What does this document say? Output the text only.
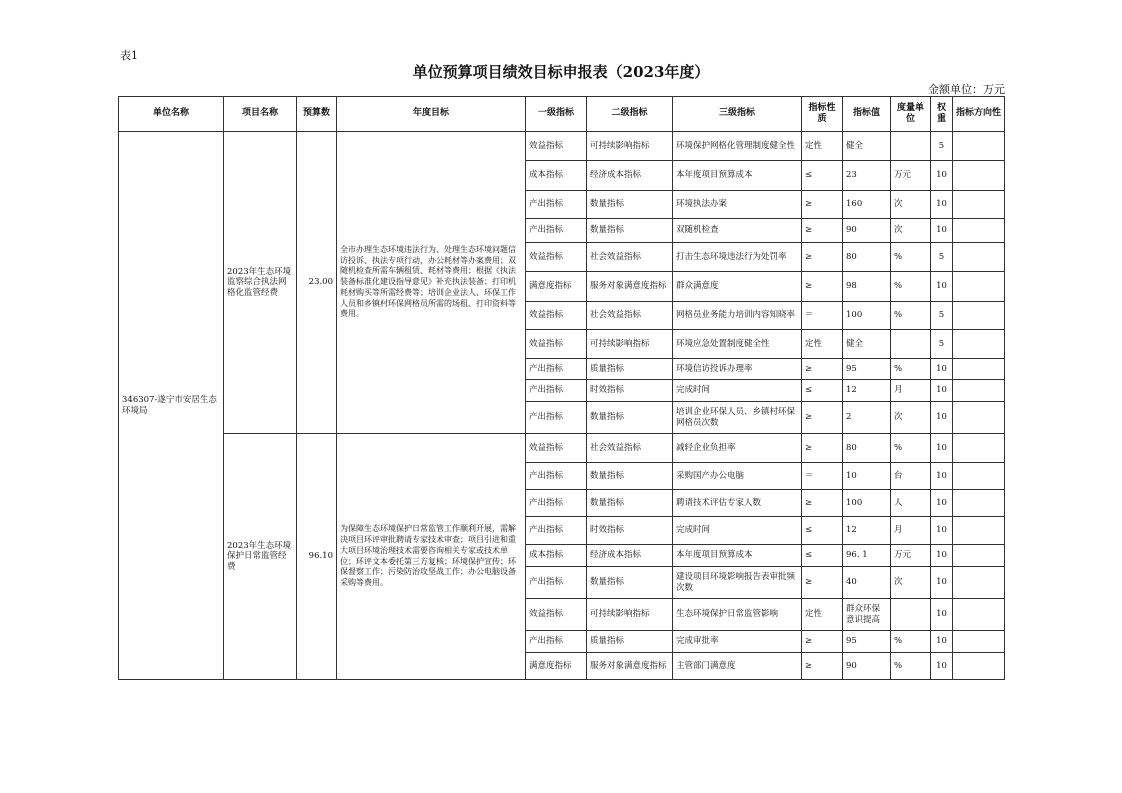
表1
单位预算项目绩效目标申报表（2023年度）
金额单位：万元
单位名称	项目名称	预算数	年度目标	一级指标	二级指标	三级指标	指标性质	指标值	度量单位	权重	指标方向性
346307-遂宁市安居生态环境局	2023年生态环境监察综合执法网格化监管经费	23.00	全市办理生态环境违法行为、处理生态环境问题信访投诉、执法专项行动，办公耗材等办案费用；双随机检查所需车辆租赁、耗材等费用；根据《执法装备标准化建设指导意见》补充执法装备；打印机耗材购买等所需经费等；培训企业法人、环保工作人员和乡镇村环保网格员所需的场租、打印资料等费用。	效益指标	可持续影响指标	环境保护网格化管理制度健全性	定性	健全		5	
				成本指标	经济成本指标	本年度项目预算成本	≤	23	万元	10	
				产出指标	数量指标	环境执法办案	≥	160	次	10	
				产出指标	数量指标	双随机检查	≥	90	次	10	
				效益指标	社会效益指标	打击生态环境违法行为处罚率	≥	80	%	5	
				满意度指标	服务对象满意度指标	群众满意度	≥	98	%	10	
				效益指标	社会效益指标	网格员业务能力培训内容知晓率	＝	100	%	5	
				效益指标	可持续影响指标	环境应急处置制度健全性	定性	健全		5	
				产出指标	质量指标	环境信访投诉办理率	≥	95	%	10	
				产出指标	时效指标	完成时间	≤	12	月	10	
				产出指标	数量指标	培训企业环保人员、乡镇村环保网格员次数	≥	2	次	10	
	2023年生态环境保护日常监管经费	96.10	为保障生态环境保护日常监管工作顺利开展，需解决项目环评审批聘请专家技术审查；项目引进和重大项目环境治理技术需要咨询相关专家或技术单位；环评文本委托第三方复核；环境保护宣传；环保督察工作；污染防治攻坚战工作；办公电脑设备采购等费用。	效益指标	社会效益指标	减轻企业负担率	≥	80	%	10	
				产出指标	数量指标	采购国产办公电脑	＝	10	台	10	
				产出指标	数量指标	聘请技术评估专家人数	≥	100	人	10	
				产出指标	时效指标	完成时间	≤	12	月	10	
				成本指标	经济成本指标	本年度项目预算成本	≤	96. 1	万元	10	
				产出指标	数量指标	建设项目环境影响报告表审批频次数	≥	40	次	10	
				效益指标	可持续影响指标	生态环境保护日常监管影响	定性	群众环保意识提高		10	
				产出指标	质量指标	完成审批率	≥	95	%	10	
				满意度指标	服务对象满意度指标	主管部门满意度	≥	90	%	10	
